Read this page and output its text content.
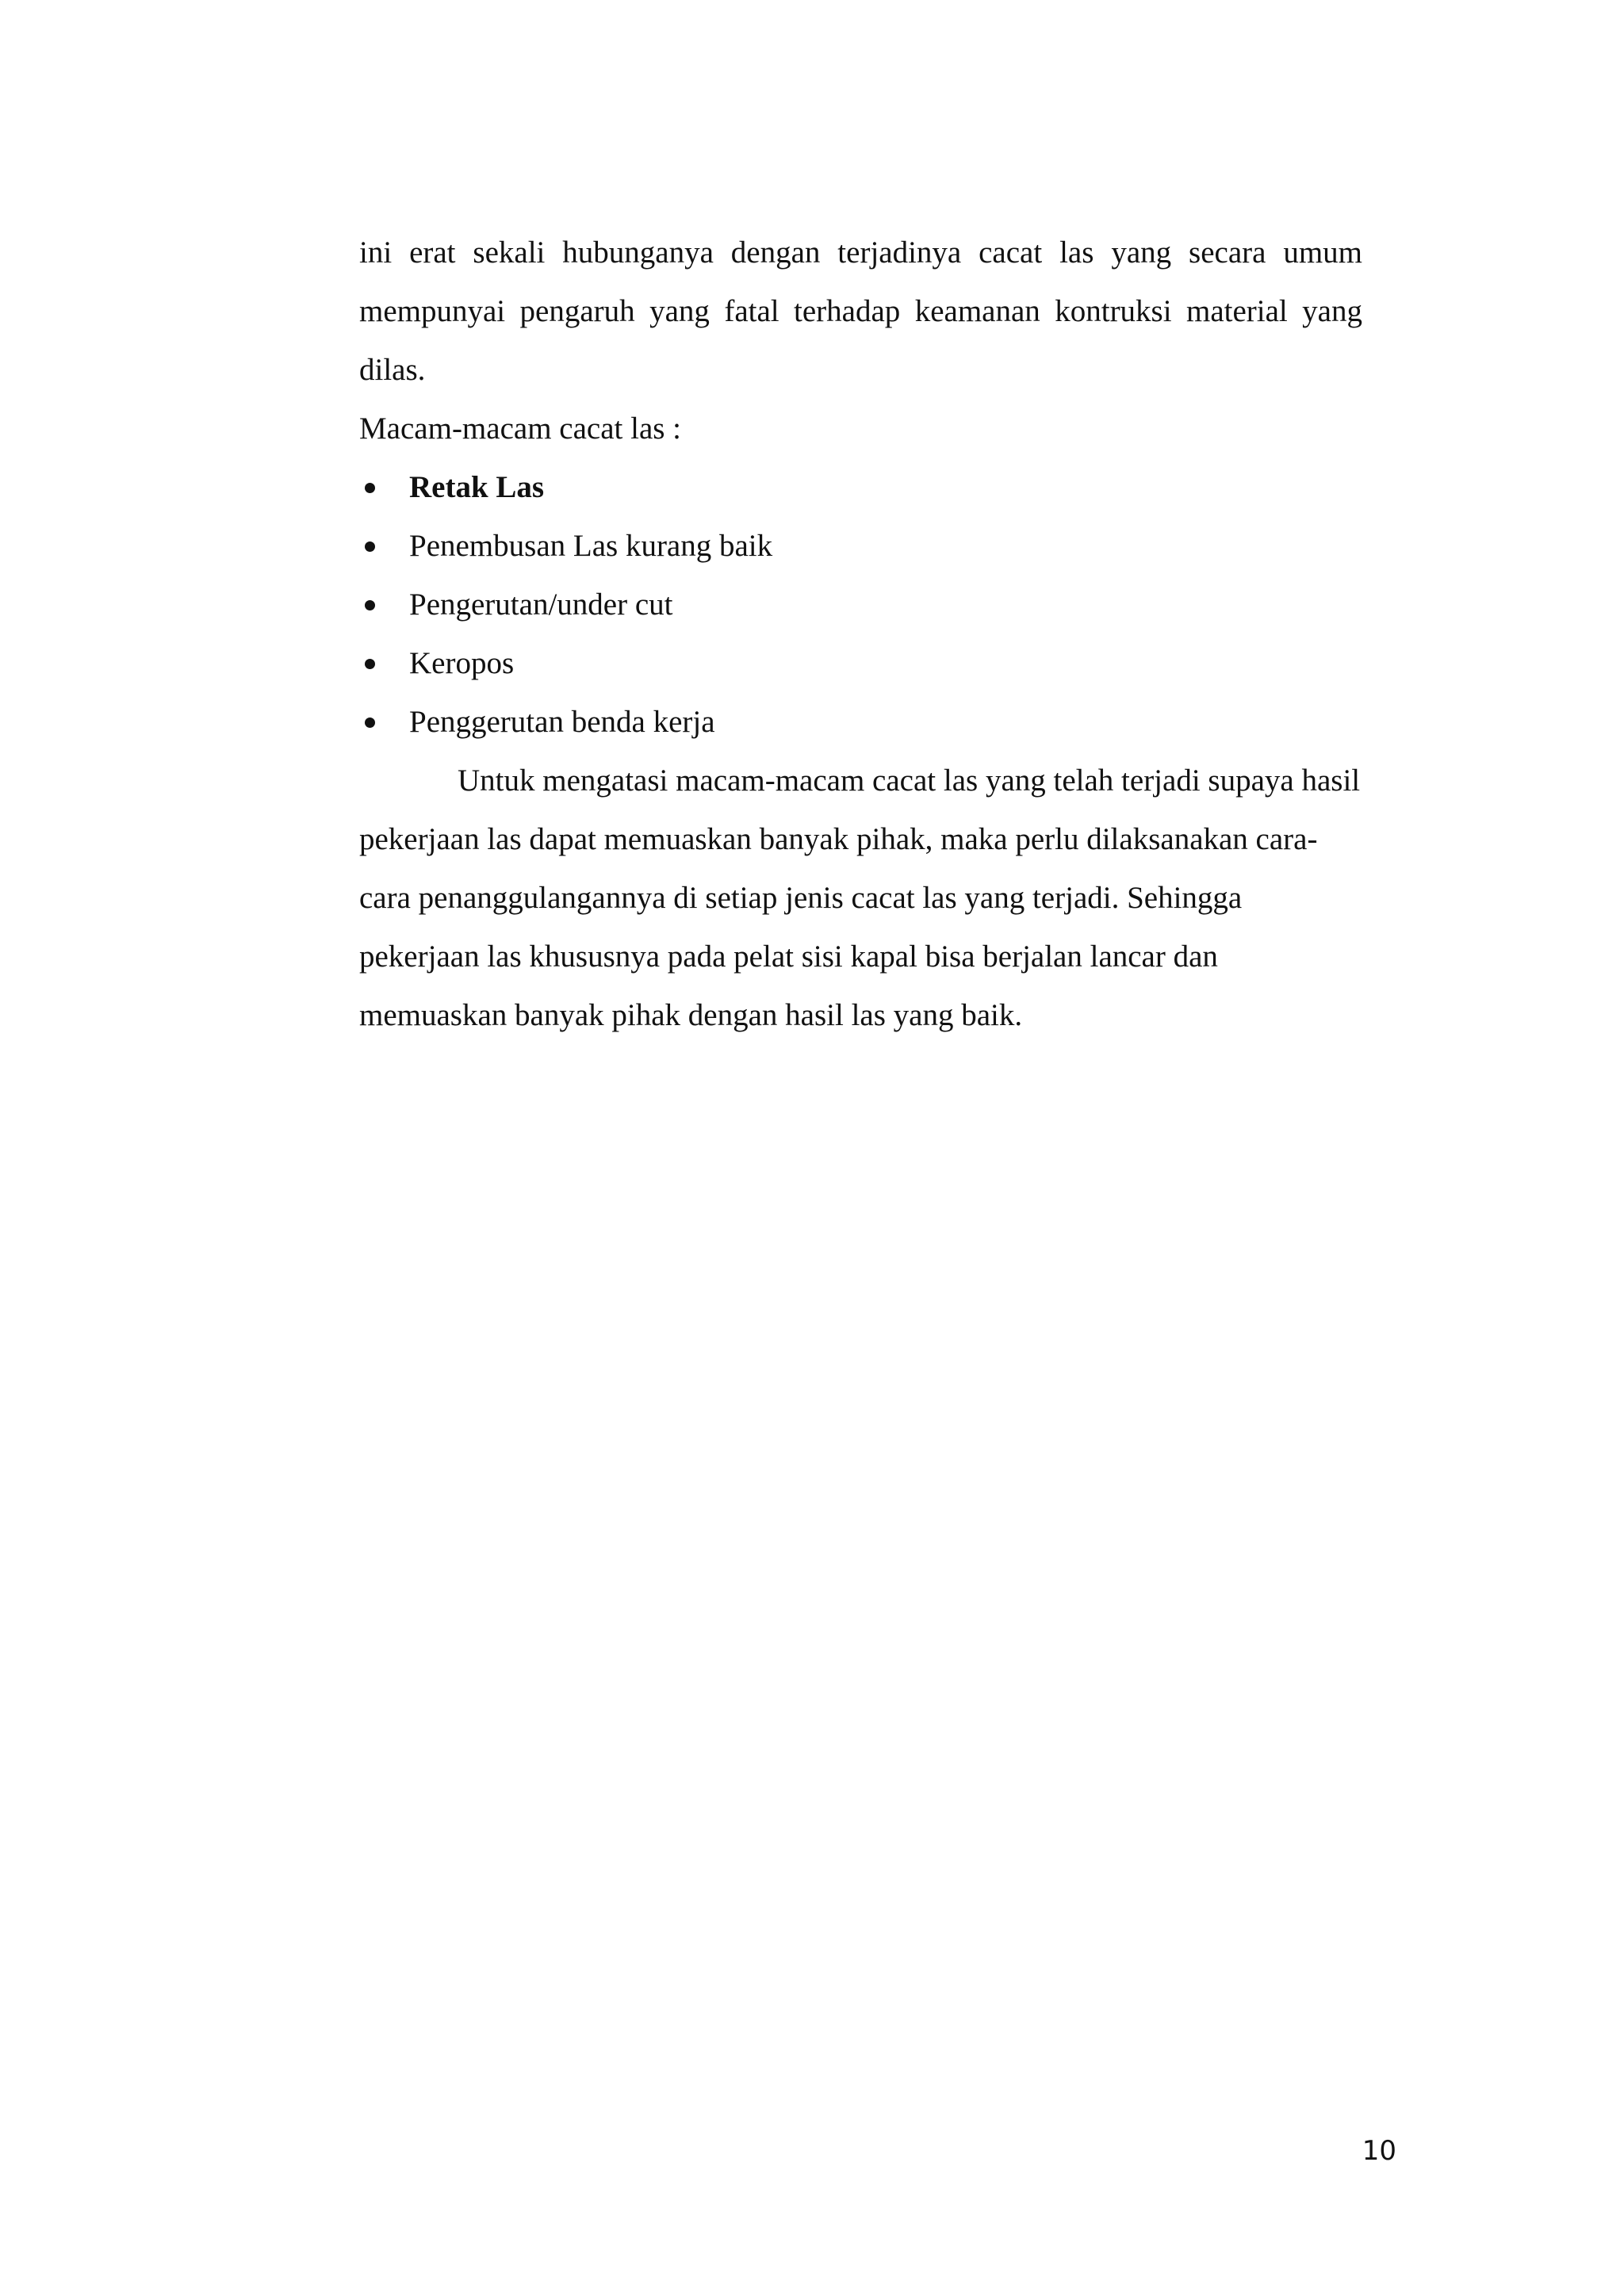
ini erat sekali hubunganya dengan terjadinya cacat las yang secara umum mempunyai pengaruh yang fatal terhadap keamanan kontruksi material yang dilas.

Macam-macam cacat las :

Retak Las
Penembusan Las kurang baik
Pengerutan/under cut
Keropos
Penggerutan benda kerja

Untuk mengatasi macam-macam cacat las yang telah terjadi supaya hasil pekerjaan las dapat memuaskan banyak pihak, maka perlu dilaksanakan cara-cara penanggulangannya di setiap jenis cacat las yang terjadi. Sehingga pekerjaan las khususnya pada pelat sisi kapal bisa berjalan lancar dan memuaskan banyak pihak dengan hasil las yang baik.

10
